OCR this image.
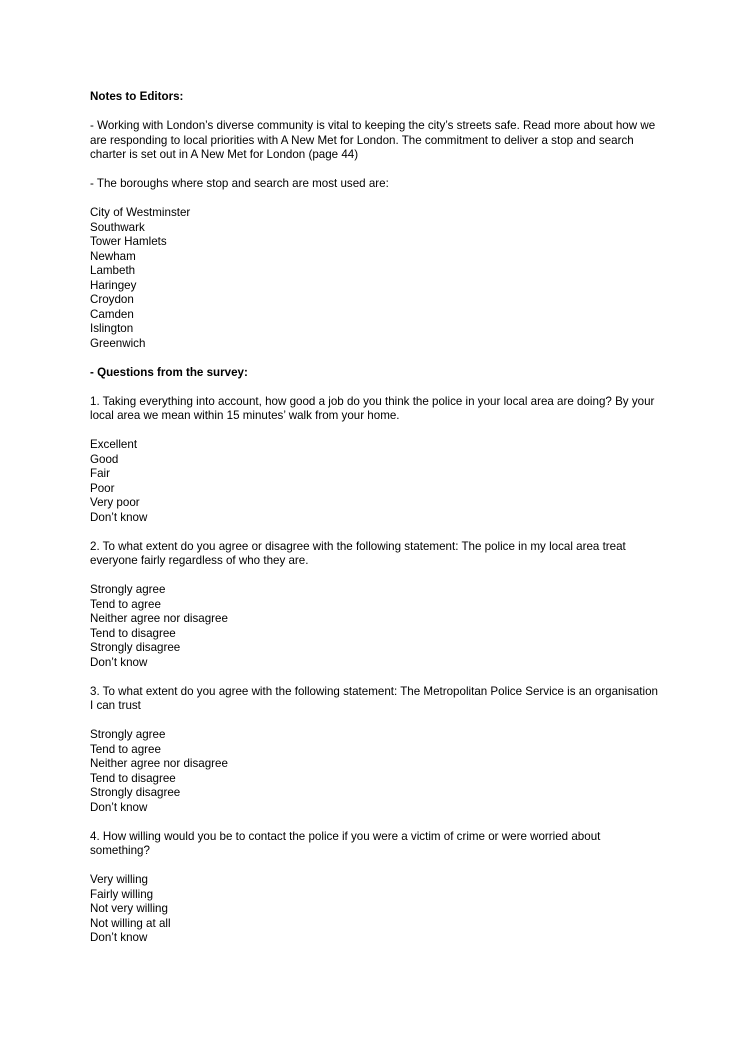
Notes to Editors:

- Working with London’s diverse community is vital to keeping the city’s streets safe. Read more about how we are responding to local priorities with A New Met for London. The commitment to deliver a stop and search charter is set out in A New Met for London (page 44)

- The boroughs where stop and search are most used are:

City of Westminster
Southwark
Tower Hamlets
Newham
Lambeth
Haringey
Croydon
Camden
Islington
Greenwich
- Questions from the survey:

1. Taking everything into account, how good a job do you think the police in your local area are doing? By your local area we mean within 15 minutes’ walk from your home.

Excellent
Good
Fair
Poor
Very poor
Don’t know

2. To what extent do you agree or disagree with the following statement: The police in my local area treat everyone fairly regardless of who they are.

Strongly agree
Tend to agree
Neither agree nor disagree
Tend to disagree
Strongly disagree
Don’t know

3. To what extent do you agree with the following statement: The Metropolitan Police Service is an organisation I can trust

Strongly agree
Tend to agree
Neither agree nor disagree
Tend to disagree
Strongly disagree
Don’t know

4. How willing would you be to contact the police if you were a victim of crime or were worried about something?

Very willing
Fairly willing
Not very willing
Not willing at all
Don’t know
